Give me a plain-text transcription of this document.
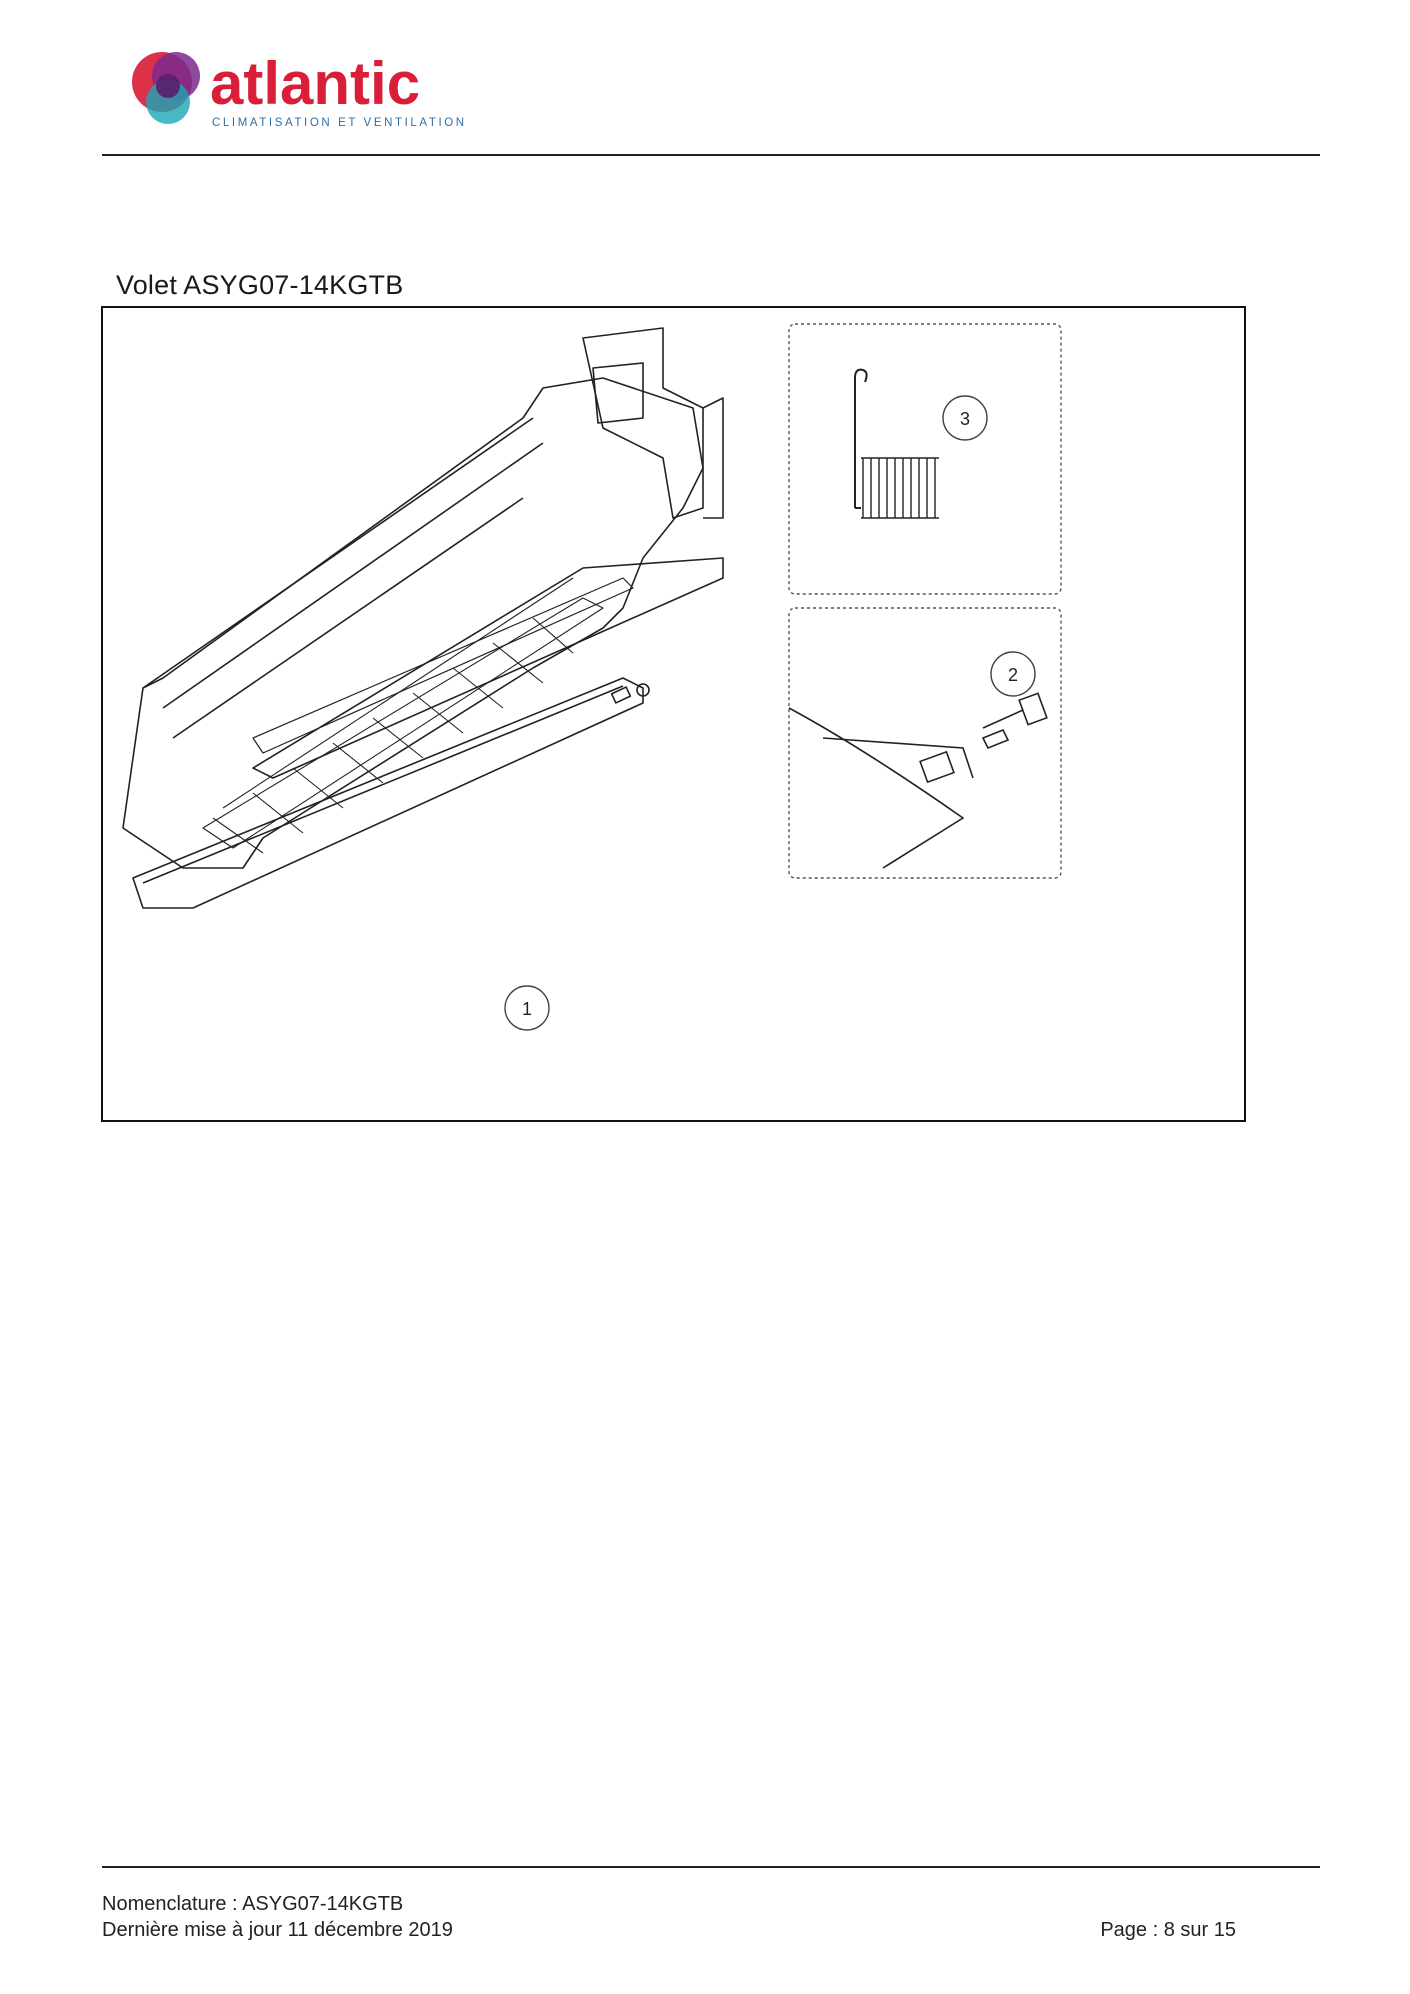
atlantic
CLIMATISATION ET VENTILATION
Volet ASYG07-14KGTB
3
2
1
Nomenclature : ASYG07-14KGTB
Dernière mise à jour 11 décembre 2019	Page : 8 sur 15
